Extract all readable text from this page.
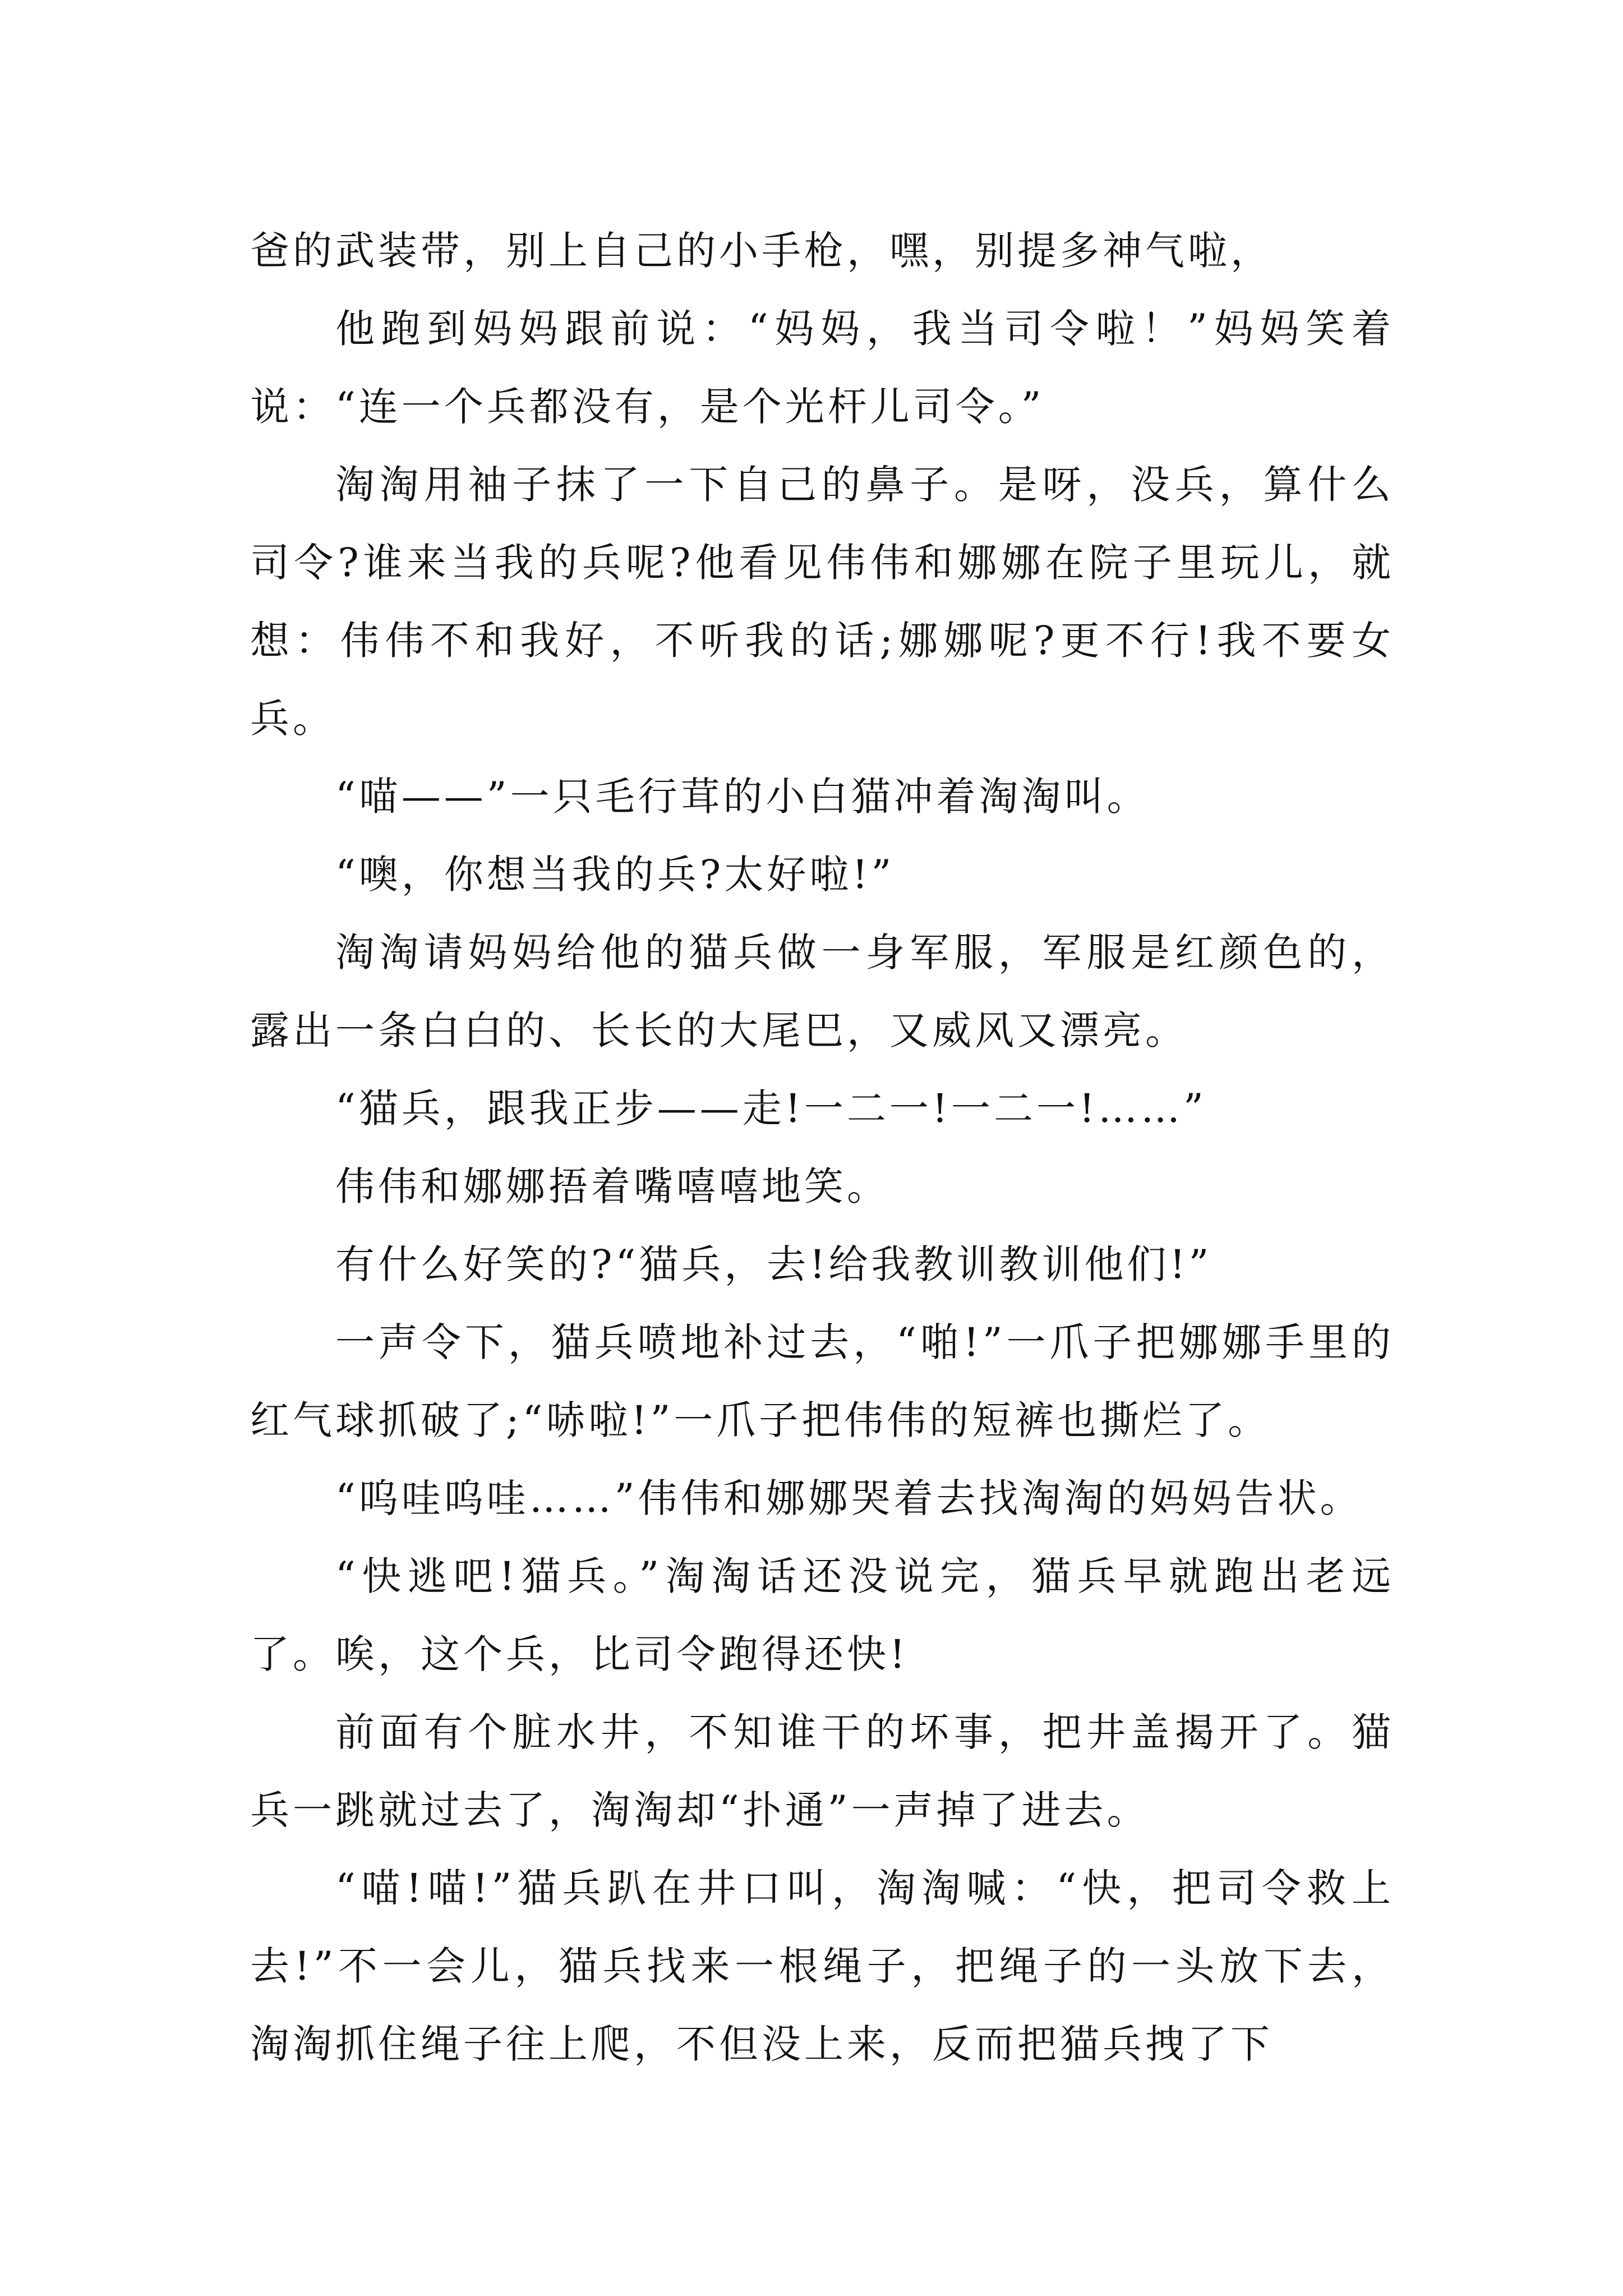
爸的武装带，别上自己的小手枪，嘿，别提多神气啦，

他跑到妈妈跟前说：“妈妈，我当司令啦！”妈妈笑着说：“连一个兵都没有，是个光杆儿司令。”

淘淘用袖子抹了一下自己的鼻子。是呀，没兵，算什么司令?谁来当我的兵呢?他看见伟伟和娜娜在院子里玩儿，就想：伟伟不和我好，不听我的话;娜娜呢?更不行!我不要女兵。

“喵——”一只毛行茸的小白猫冲着淘淘叫。

“噢，你想当我的兵?太好啦!”

淘淘请妈妈给他的猫兵做一身军服，军服是红颜色的，露出一条白白的、长长的大尾巴，又威风又漂亮。

“猫兵，跟我正步——走!一二一!一二一!……”

伟伟和娜娜捂着嘴嘻嘻地笑。

有什么好笑的?“猫兵，去!给我教训教训他们!”

一声令下，猫兵喷地补过去，“啪!”一爪子把娜娜手里的红气球抓破了;“哧啦!”一爪子把伟伟的短裤也撕烂了。

“呜哇呜哇……”伟伟和娜娜哭着去找淘淘的妈妈告状。

“快逃吧!猫兵。”淘淘话还没说完，猫兵早就跑出老远了。唉，这个兵，比司令跑得还快!

前面有个脏水井，不知谁干的坏事，把井盖揭开了。猫兵一跳就过去了，淘淘却“扑通”一声掉了进去。

“喵!喵!”猫兵趴在井口叫，淘淘喊：“快，把司令救上去!”不一会儿，猫兵找来一根绳子，把绳子的一头放下去，淘淘抓住绳子往上爬，不但没上来，反而把猫兵拽了下
